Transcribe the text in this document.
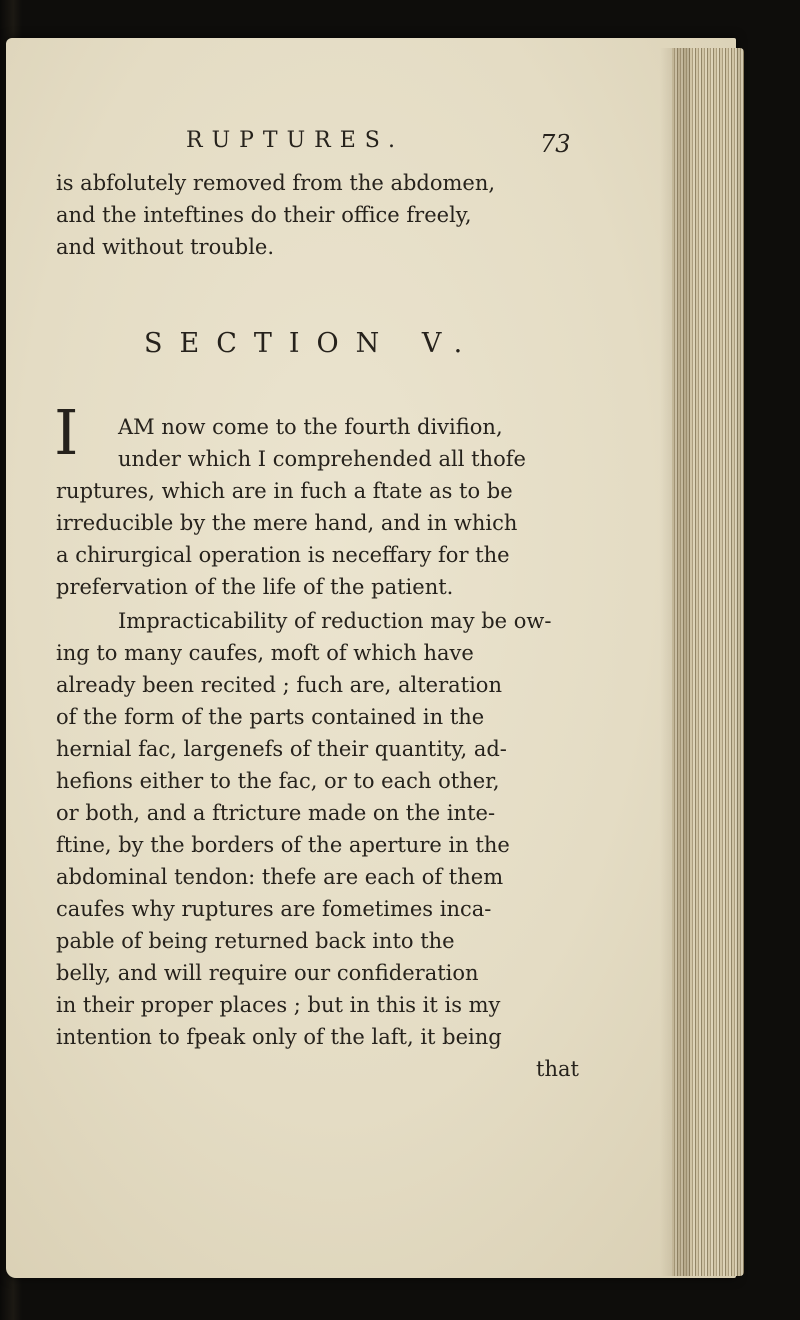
RUPTURES.	73

is abfolutely removed from the abdomen,

and the inteftines do their office freely,

and without trouble.

SECTION V.

I AM now come to the fourth divifion,

under which I comprehended all thofe

ruptures, which are in fuch a ftate as to be

irreducible by the mere hand, and in which

a chirurgical operation is neceffary for the

prefervation of the life of the patient.

Impracticability of reduction may be ow-

ing to many caufes, moft of which have

already been recited ; fuch are, alteration

of the form of the parts contained in the

hernial fac, largenefs of their quantity, ad-

hefions either to the fac, or to each other,

or both, and a ftricture made on the inte-

ftine, by the borders of the aperture in the

abdominal tendon: thefe are each of them

caufes why ruptures are fometimes inca-

pable of being returned back into the

belly, and will require our confideration

in their proper places ; but in this it is my

intention to fpeak only of the laft, it being

that
